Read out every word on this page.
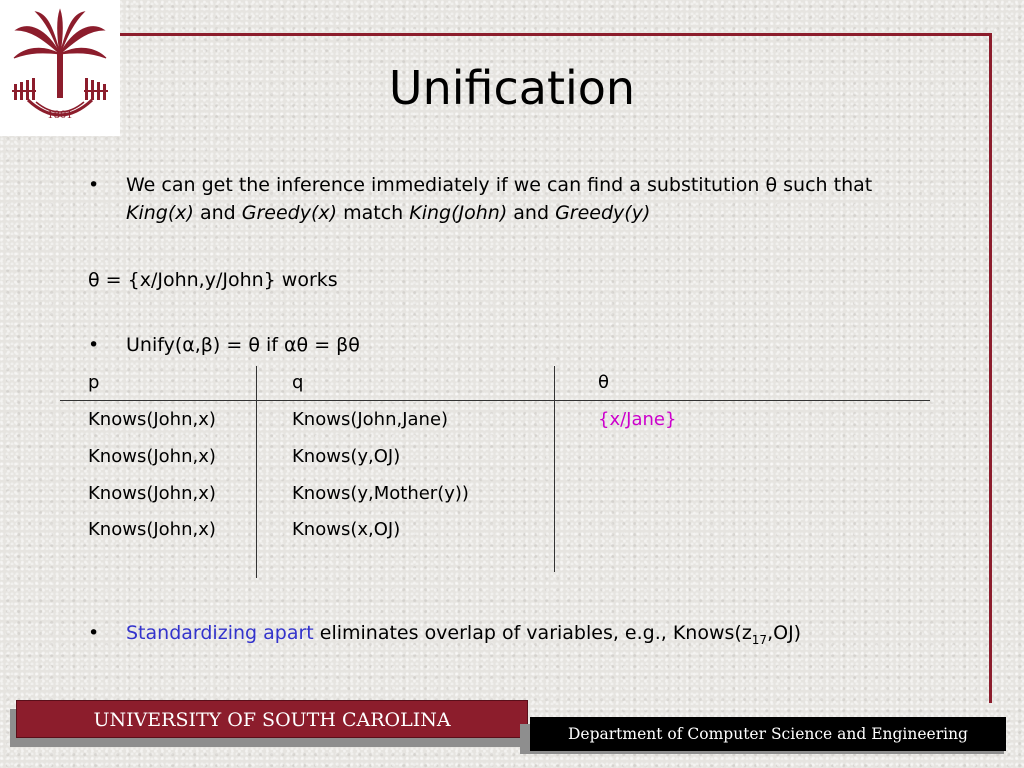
1801
Unification
• We can get the inference immediately if we can find a substitution θ such that
King(x) and Greedy(x) match King(John) and Greedy(y)
θ = {x/John,y/John} works
• Unify(α,β) = θ if αθ = βθ
p	q	θ
Knows(John,x)	Knows(John,Jane)	{x/Jane}
Knows(John,x)	Knows(y,OJ)
Knows(John,x)	Knows(y,Mother(y))
Knows(John,x)	Knows(x,OJ)
• Standardizing apart eliminates overlap of variables, e.g., $Knows(z_{17},OJ)$
UNIVERSITY OF SOUTH CAROLINA
Department of Computer Science and Engineering
